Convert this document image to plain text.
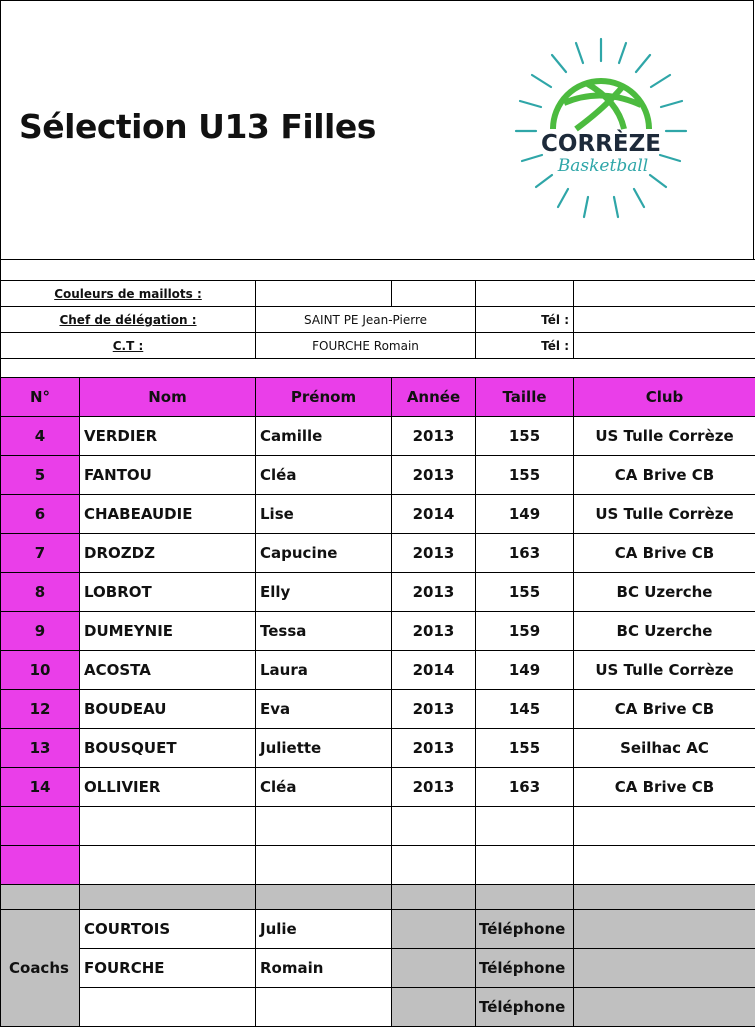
Sélection U13 Filles	CORRÈZE
Basketball

Couleurs de maillots :				
Chef de délégation :	SAINT PE Jean-Pierre		Tél :	
C.T :	FOURCHE Romain		Tél :	

N°	Nom	Prénom	Année	Taille	Club
4	VERDIER	Camille	2013	155	US Tulle Corrèze
5	FANTOU	Cléa	2013	155	CA Brive CB
6	CHABEAUDIE	Lise	2014	149	US Tulle Corrèze
7	DROZDZ	Capucine	2013	163	CA Brive CB
8	LOBROT	Elly	2013	155	BC Uzerche
9	DUMEYNIE	Tessa	2013	159	BC Uzerche
10	ACOSTA	Laura	2014	149	US Tulle Corrèze
12	BOUDEAU	Eva	2013	145	CA Brive CB
13	BOUSQUET	Juliette	2013	155	Seilhac AC
14	OLLIVIER	Cléa	2013	163	CA Brive CB

Coachs	COURTOIS	Julie		Téléphone	
	FOURCHE	Romain		Téléphone	
				Téléphone	
